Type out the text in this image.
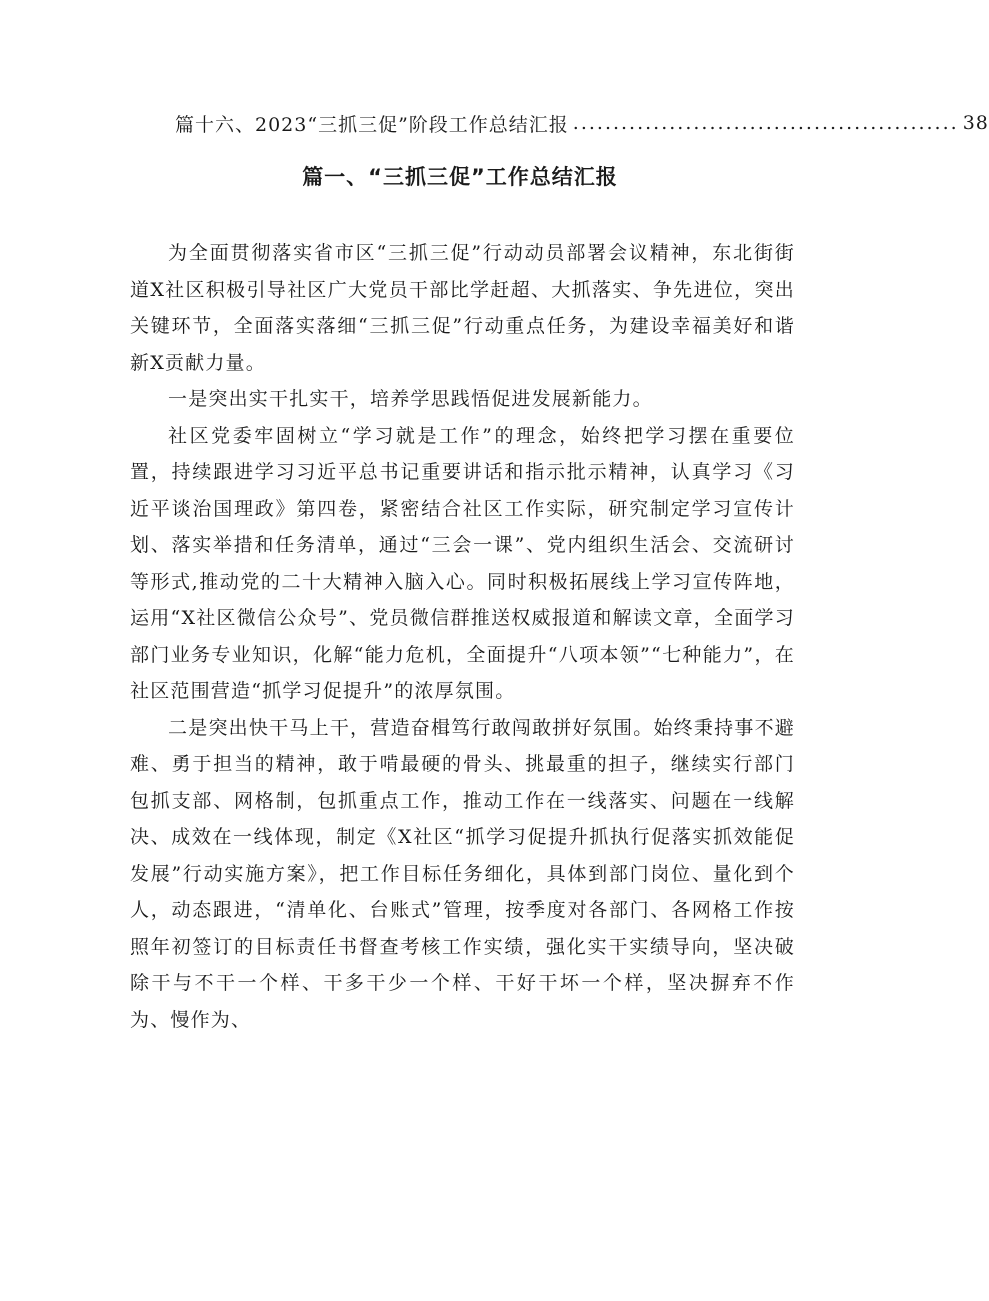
篇十六、2023“三抓三促”阶段工作总结汇报 ................................................ 38
篇一、“三抓三促”工作总结汇报

为全面贯彻落实省市区“三抓三促”行动动员部署会议精神，东北街街道X社区积极引导社区广大党员干部比学赶超、大抓落实、争先进位，突出关键环节，全面落实落细“三抓三促”行动重点任务，为建设幸福美好和谐新X贡献力量。

一是突出实干扎实干，培养学思践悟促进发展新能力。

社区党委牢固树立“学习就是工作”的理念，始终把学习摆在重要位置，持续跟进学习习近平总书记重要讲话和指示批示精神，认真学习《习近平谈治国理政》第四卷，紧密结合社区工作实际，研究制定学习宣传计划、落实举措和任务清单，通过“三会一课”、党内组织生活会、交流研讨等形式,推动党的二十大精神入脑入心。同时积极拓展线上学习宣传阵地，运用“X社区微信公众号”、党员微信群推送权威报道和解读文章，全面学习部门业务专业知识，化解“能力危机，全面提升“八项本领”“七种能力”，在社区范围营造“抓学习促提升”的浓厚氛围。

二是突出快干马上干，营造奋楫笃行敢闯敢拼好氛围。始终秉持事不避难、勇于担当的精神，敢于啃最硬的骨头、挑最重的担子，继续实行部门包抓支部、网格制，包抓重点工作，推动工作在一线落实、问题在一线解决、成效在一线体现，制定《X社区“抓学习促提升抓执行促落实抓效能促发展”行动实施方案》，把工作目标任务细化，具体到部门岗位、量化到个人，动态跟进，“清单化、台账式”管理，按季度对各部门、各网格工作按照年初签订的目标责任书督查考核工作实绩，强化实干实绩导向，坚决破除干与不干一个样、干多干少一个样、干好干坏一个样，坚决摒弃不作为、慢作为、
